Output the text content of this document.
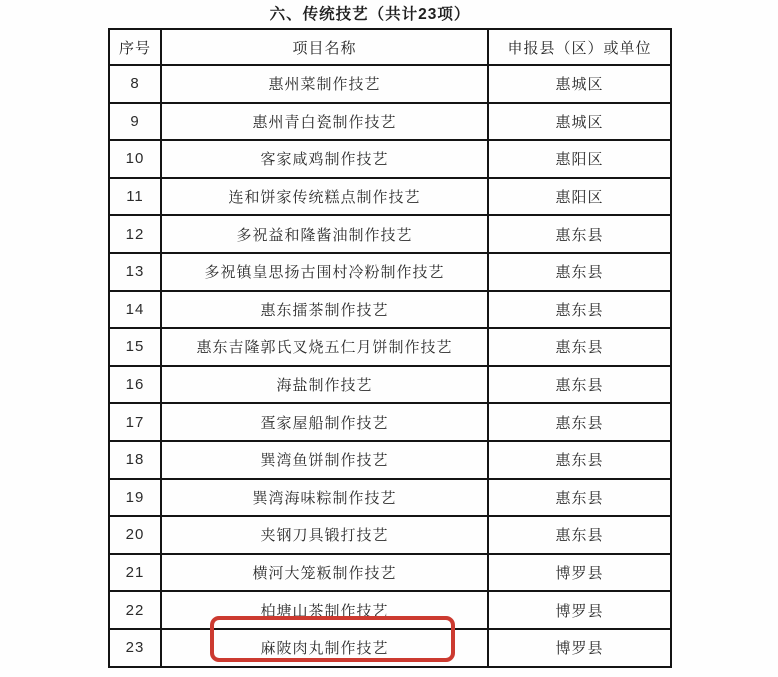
六、传统技艺（共计23项）
序号	项目名称	申报县（区）或单位
8	惠州菜制作技艺	惠城区
9	惠州青白瓷制作技艺	惠城区
10	客家咸鸡制作技艺	惠阳区
11	连和饼家传统糕点制作技艺	惠阳区
12	多祝益和隆酱油制作技艺	惠东县
13	多祝镇皇思扬古围村冷粉制作技艺	惠东县
14	惠东擂茶制作技艺	惠东县
15	惠东吉隆郭氏叉烧五仁月饼制作技艺	惠东县
16	海盐制作技艺	惠东县
17	疍家屋船制作技艺	惠东县
18	巽湾鱼饼制作技艺	惠东县
19	巽湾海味粽制作技艺	惠东县
20	夹钢刀具锻打技艺	惠东县
21	横河大笼粄制作技艺	博罗县
22	柏塘山茶制作技艺	博罗县
23	麻陂肉丸制作技艺	博罗县
